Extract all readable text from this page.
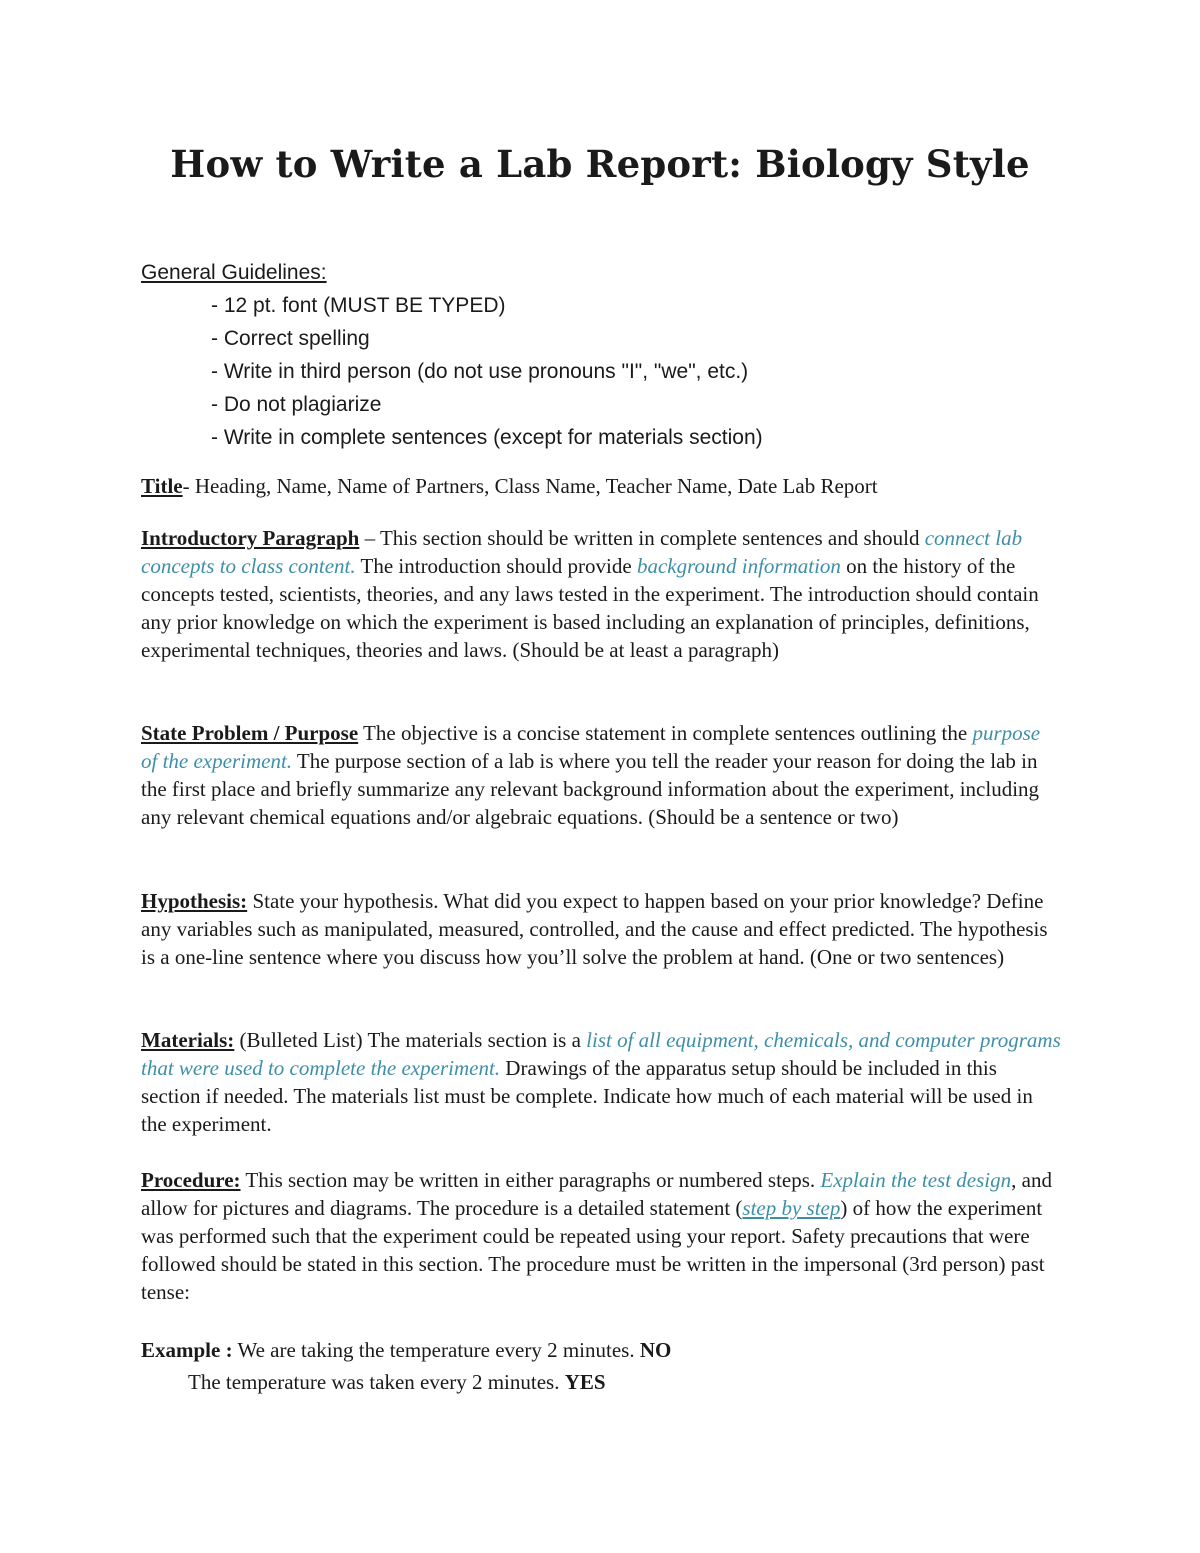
How to Write a Lab Report: Biology Style
General Guidelines:
- 12 pt. font (MUST BE TYPED)
- Correct spelling
- Write in third person (do not use pronouns "I", "we", etc.)
- Do not plagiarize
- Write in complete sentences (except for materials section)

Title- Heading, Name, Name of Partners, Class Name, Teacher Name, Date Lab Report

Introductory Paragraph – This section should be written in complete sentences and should connect lab concepts to class content. The introduction should provide background information on the history of the concepts tested, scientists, theories, and any laws tested in the experiment. The introduction should contain any prior knowledge on which the experiment is based including an explanation of principles, definitions, experimental techniques, theories and laws. (Should be at least a paragraph)

State Problem / Purpose The objective is a concise statement in complete sentences outlining the purpose of the experiment. The purpose section of a lab is where you tell the reader your reason for doing the lab in the first place and briefly summarize any relevant background information about the experiment, including any relevant chemical equations and/or algebraic equations. (Should be a sentence or two)

Hypothesis: State your hypothesis. What did you expect to happen based on your prior knowledge? Define any variables such as manipulated, measured, controlled, and the cause and effect predicted. The hypothesis is a one-line sentence where you discuss how you’ll solve the problem at hand. (One or two sentences)

Materials: (Bulleted List) The materials section is a list of all equipment, chemicals, and computer programs that were used to complete the experiment. Drawings of the apparatus setup should be included in this section if needed. The materials list must be complete. Indicate how much of each material will be used in the experiment.

Procedure: This section may be written in either paragraphs or numbered steps. Explain the test design, and allow for pictures and diagrams. The procedure is a detailed statement (step by step) of how the experiment was performed such that the experiment could be repeated using your report. Safety precautions that were followed should be stated in this section. The procedure must be written in the impersonal (3rd person) past tense:

Example : We are taking the temperature every 2 minutes. NO

The temperature was taken every 2 minutes. YES
